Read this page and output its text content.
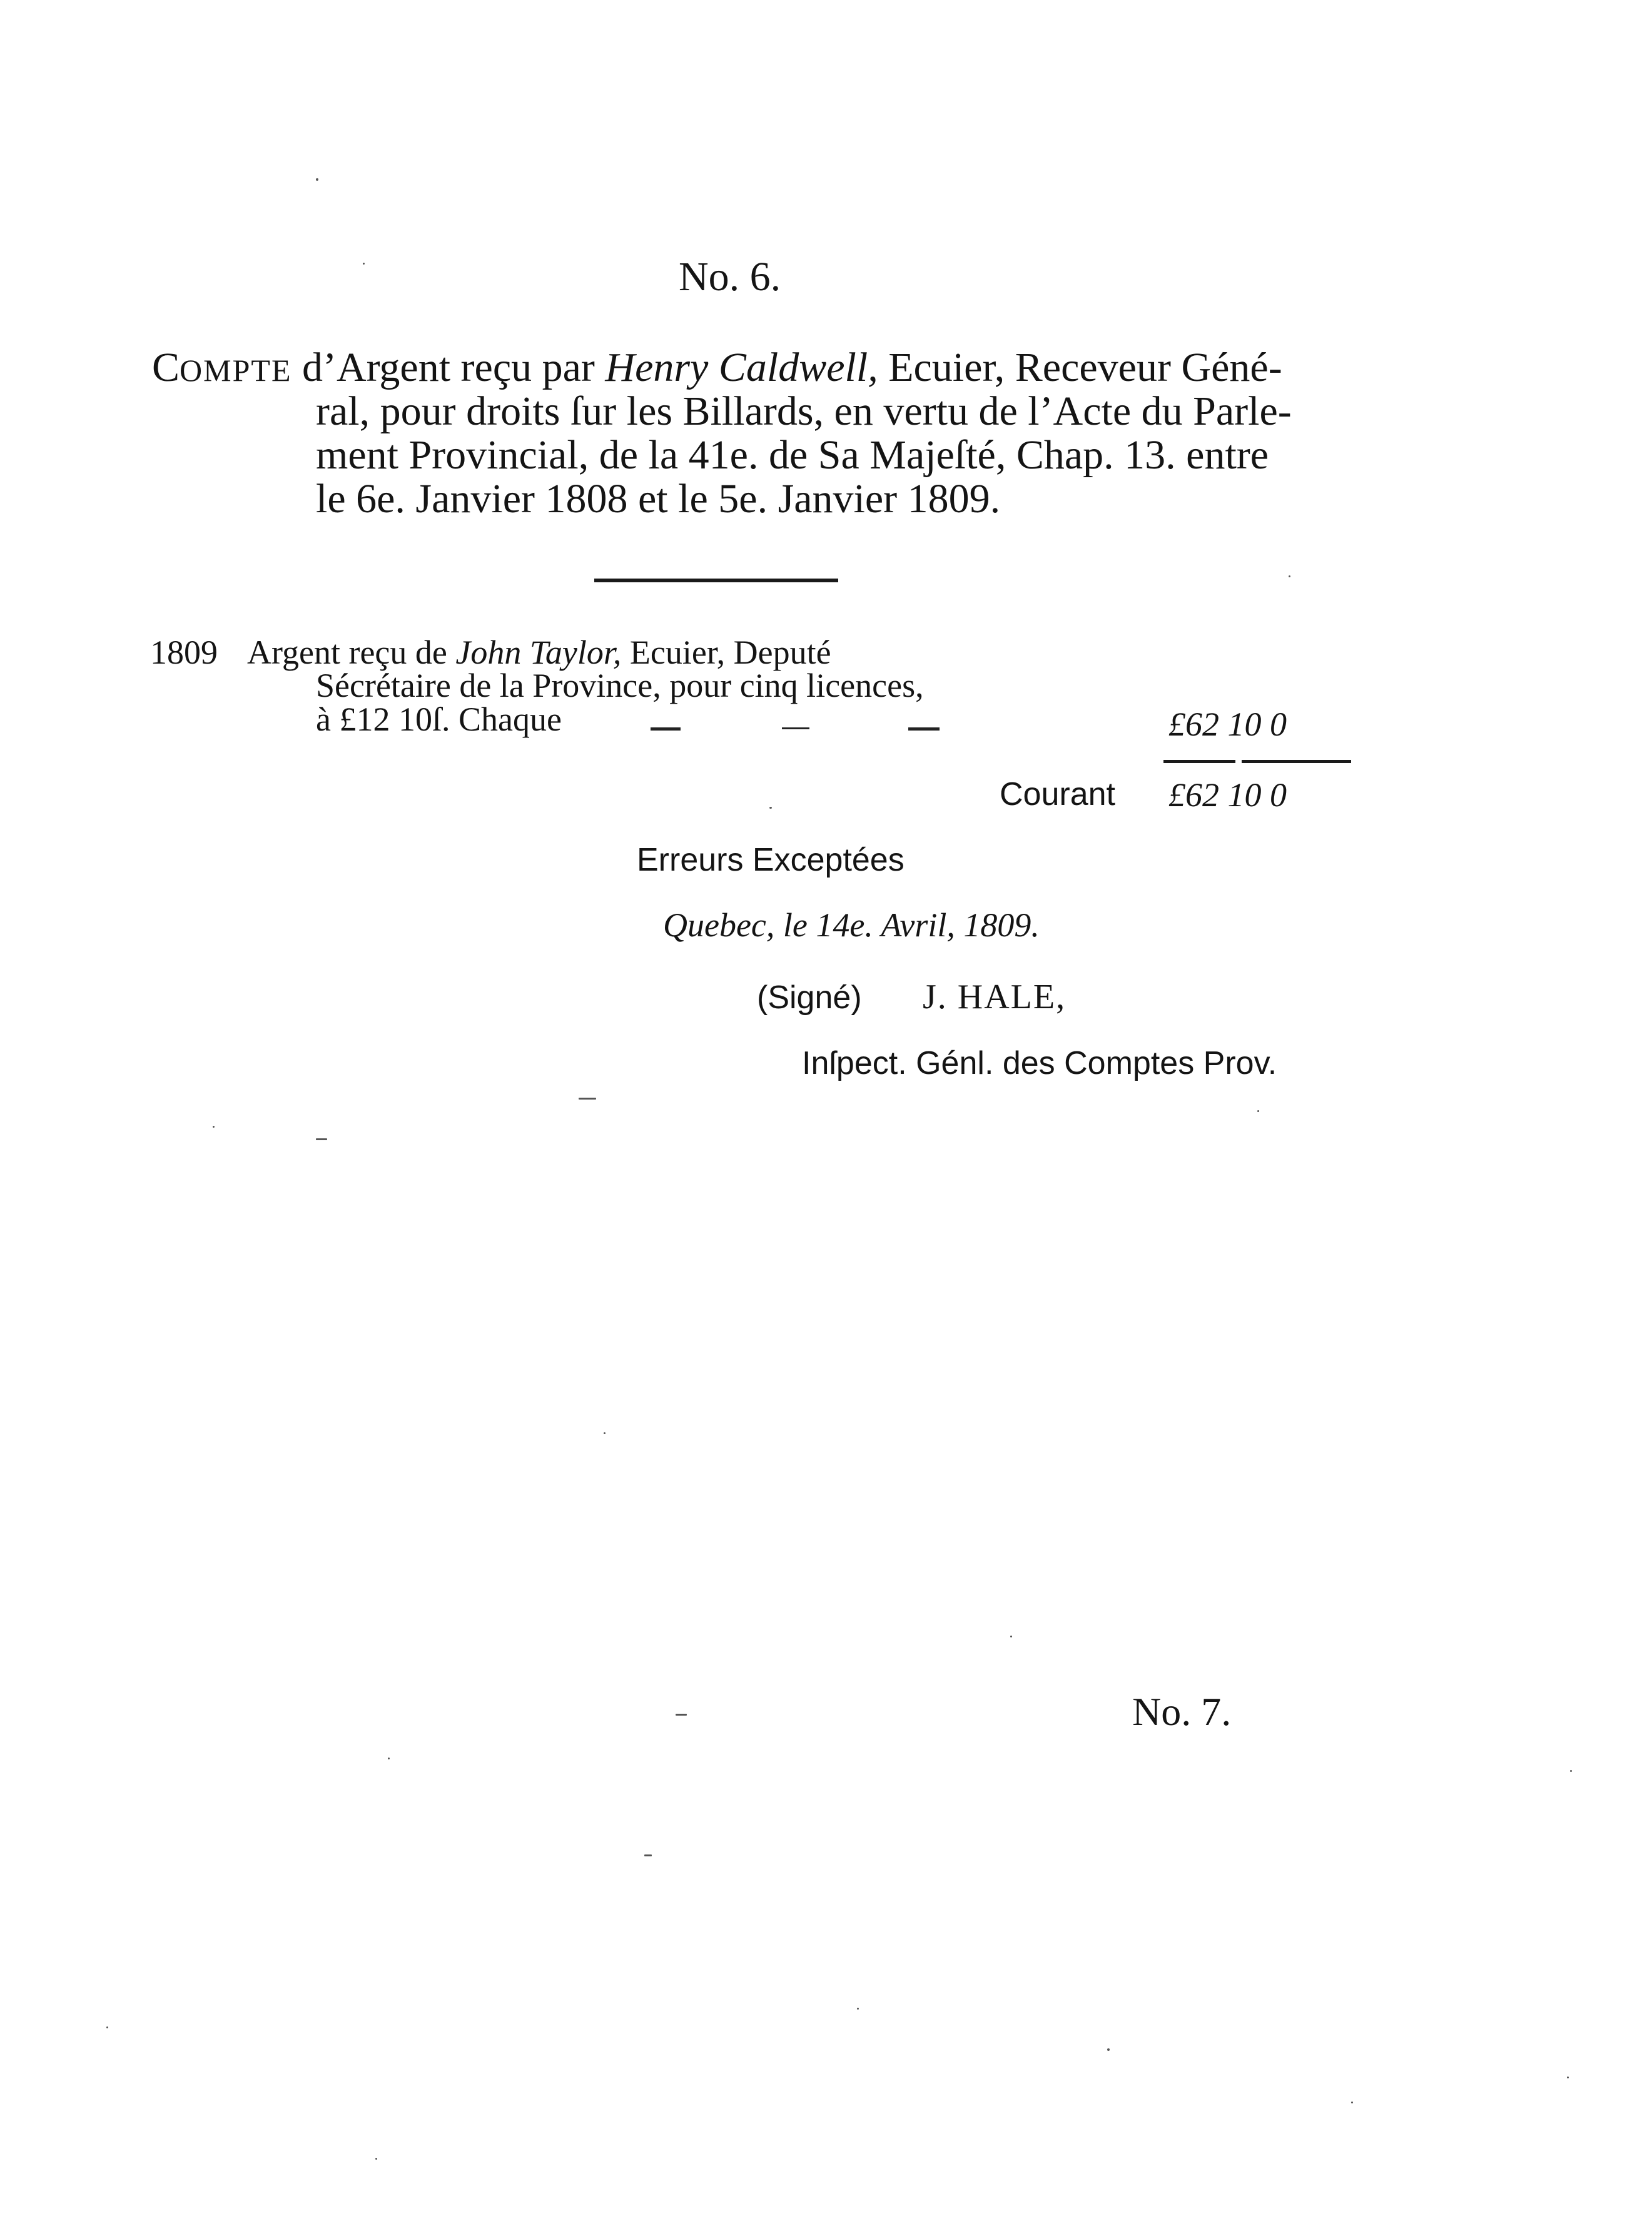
No. 6.
COMPTE d’Argent reçu par Henry Caldwell, Ecuier, Receveur Géné-
ral, pour droits ſur les Billards, en vertu de l’Acte du Parle-
ment Provincial, de la 41e. de Sa Majeſté, Chap. 13. entre
le 6e. Janvier 1808 et le 5e. Janvier 1809.
1809 Argent reçu de John Taylor, Ecuier, Deputé
Sécrétaire de la Province, pour cinq licences,
à £12 10ſ. Chaque	£62 10 0
Courant £62 10 0
Erreurs Exceptées
Quebec, le 14e. Avril, 1809.
(Signé) J. HALE,
Inſpect. Génl. des Comptes Prov.
No. 7.
